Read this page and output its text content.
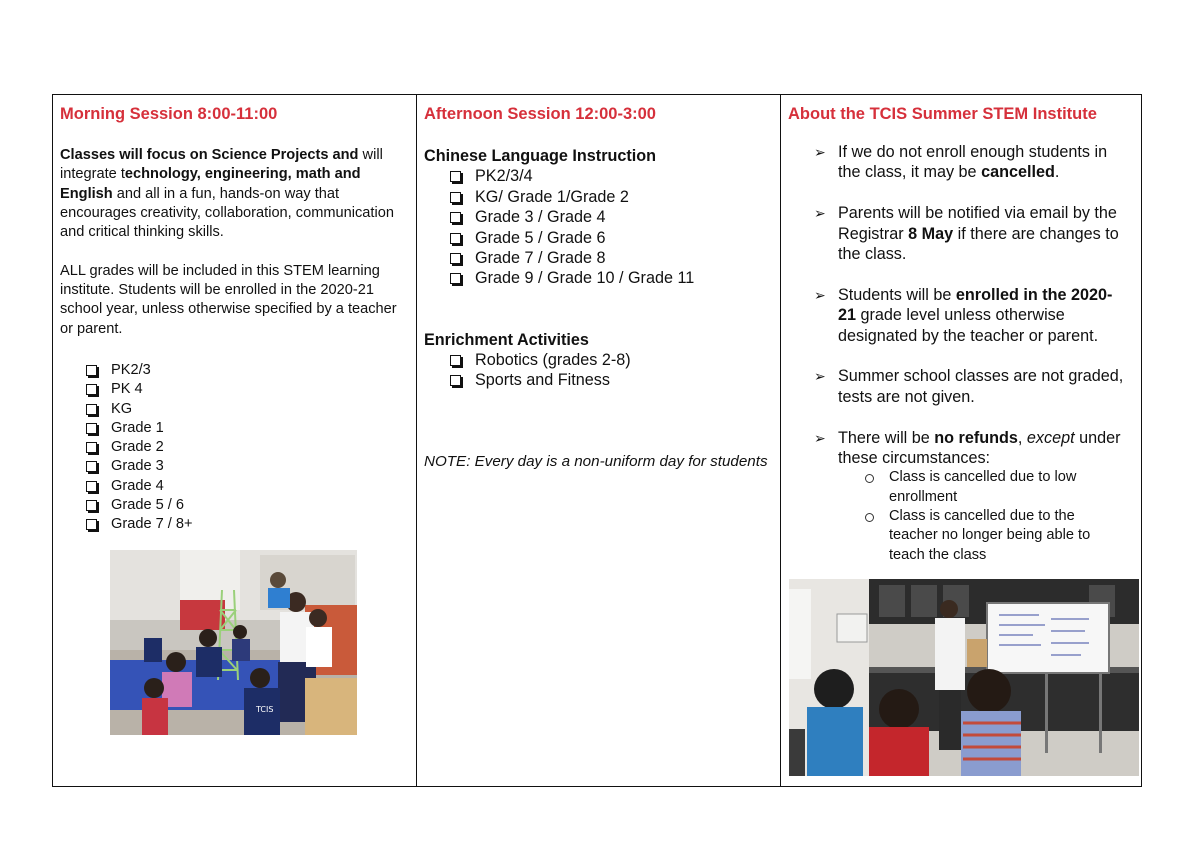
Morning Session 8:00-11:00

Classes will focus on Science Projects and will integrate technology, engineering, math and English and all in a fun, hands-on way that encourages creativity, collaboration, communication and critical thinking skills.

ALL grades will be included in this STEM learning institute. Students will be enrolled in the 2020-21 school year, unless otherwise specified by a teacher or parent.

PK2/3
PK 4
KG
Grade 1
Grade 2
Grade 3
Grade 4
Grade 5 / 6
Grade 7 / 8+
TCIS
Afternoon Session 12:00-3:00

Chinese Language Instruction

PK2/3/4
KG/ Grade 1/Grade 2
Grade 3 / Grade 4
Grade 5 / Grade 6
Grade 7 / Grade 8
Grade 9 / Grade 10 / Grade 11

Enrichment Activities

Robotics (grades 2-8)
Sports and Fitness

NOTE: Every day is a non-uniform day for students

About the TCIS Summer STEM Institute
➢ If we do not enroll enough students in the class, it may be cancelled.
➢ Parents will be notified via email by the Registrar 8 May if there are changes to the class.
➢ Students will be enrolled in the 2020-21 grade level unless otherwise designated by the teacher or parent.
➢ Summer school classes are not graded, tests are not given.
➢ There will be no refunds, except under these circumstances:
Class is cancelled due to low enrollment
Class is cancelled due to the teacher no longer being able to teach the class
